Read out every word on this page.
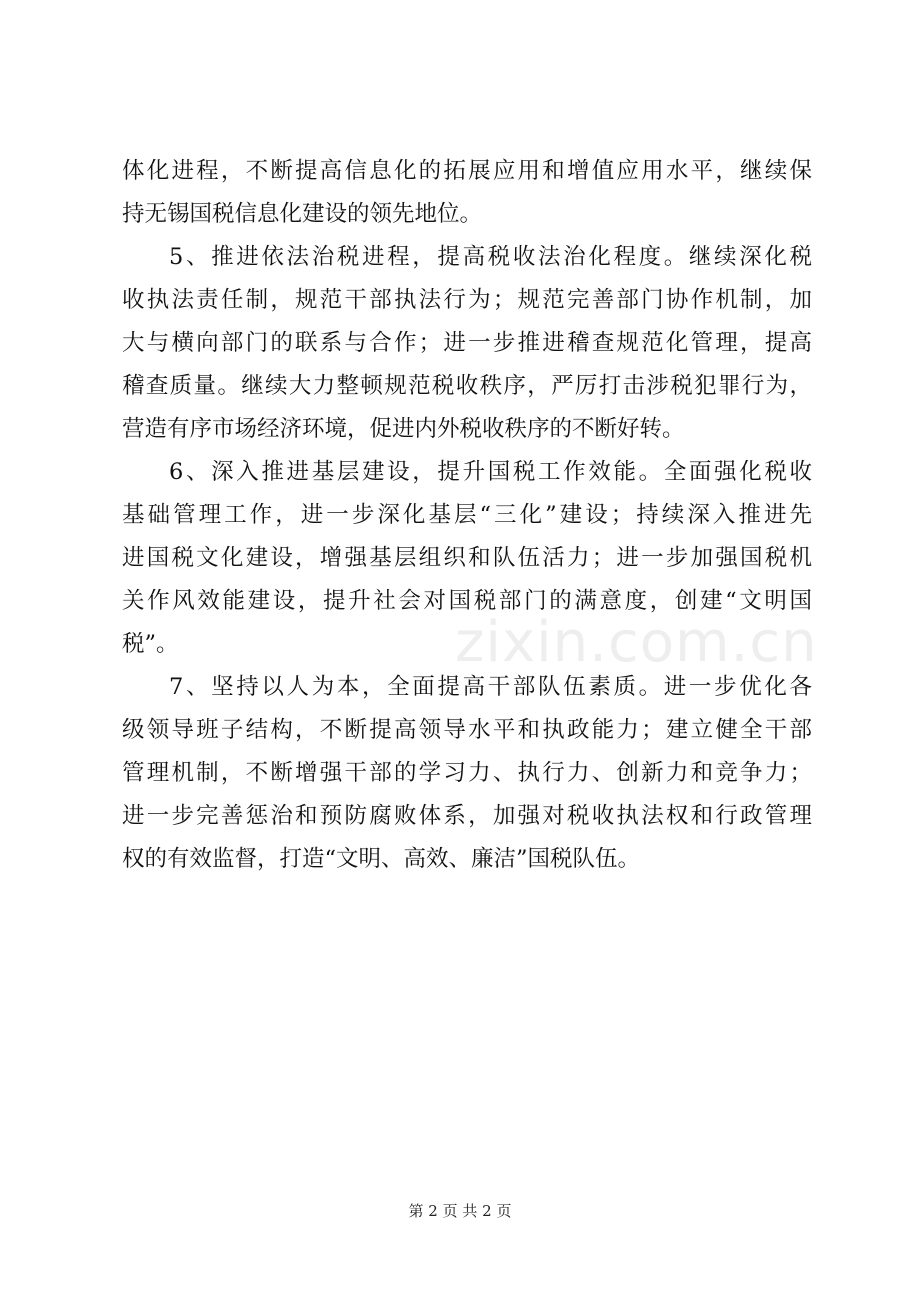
体化进程，不断提高信息化的拓展应用和增值应用水平，继续保
持无锡国税信息化建设的领先地位。
5、推进依法治税进程，提高税收法治化程度。继续深化税
收执法责任制，规范干部执法行为；规范完善部门协作机制，加
大与横向部门的联系与合作；进一步推进稽查规范化管理，提高
稽查质量。继续大力整顿规范税收秩序，严厉打击涉税犯罪行为，
营造有序市场经济环境，促进内外税收秩序的不断好转。
6、深入推进基层建设，提升国税工作效能。全面强化税收
基础管理工作，进一步深化基层“三化”建设；持续深入推进先
进国税文化建设，增强基层组织和队伍活力；进一步加强国税机
关作风效能建设，提升社会对国税部门的满意度，创建“文明国
税”。
7、坚持以人为本，全面提高干部队伍素质。进一步优化各
级领导班子结构，不断提高领导水平和执政能力；建立健全干部
管理机制，不断增强干部的学习力、执行力、创新力和竞争力；
进一步完善惩治和预防腐败体系，加强对税收执法权和行政管理
权的有效监督，打造“文明、高效、廉洁”国税队伍。
zixin.com.cn
第 2 页 共 2 页
